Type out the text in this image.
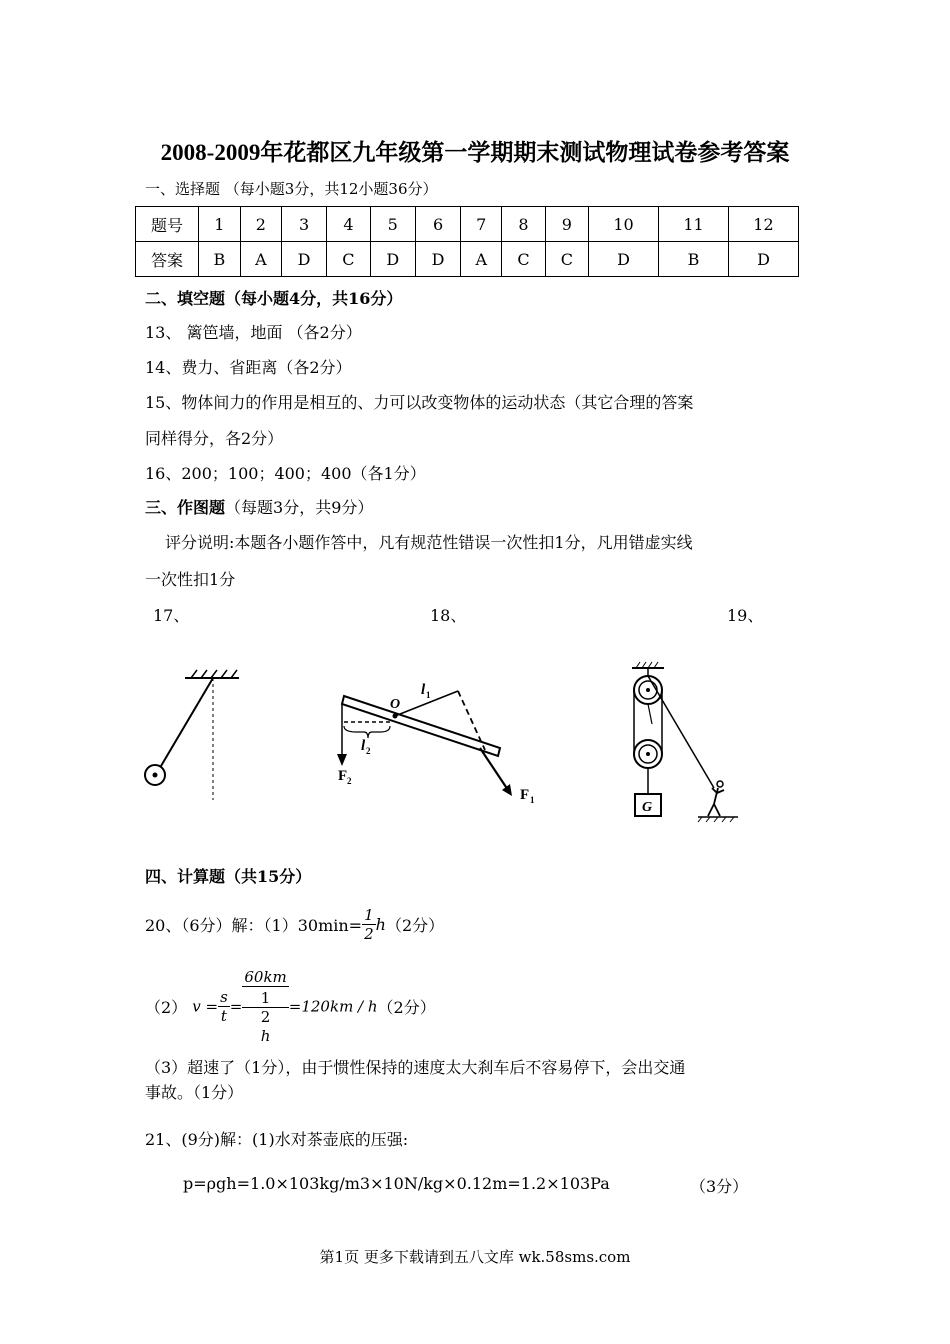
2008-2009年花都区九年级第一学期期末测试物理试卷参考答案
一、选择题 （每小题3分，共12小题36分）
题号	1	2	3	4	5	6	7	8	9	10	11	12
答案	B	A	D	C	D	D	A	C	C	D	B	D
二、填空题（每小题4分，共16分）
13、 篱笆墙，地面 （各2分）
14、费力、省距离（各2分）
15、物体间力的作用是相互的、力可以改变物体的运动状态（其它合理的答案
同样得分，各2分）
16、200；100；400；400（各1分）
三、作图题（每题3分，共9分）
评分说明:本题各小题作答中，凡有规范性错误一次性扣1分，凡用错虚实线
一次性扣1分
17、	18、	19、
O
l 1
l 2
F 2
F 1	G
四、计算题（共15分）
20、（6分）解：$(1)30\min= \frac{1}{2} h(2$分）
（2） $v = \frac{s}{t} = 60km$
1
2
h =120km / h（2分）
（3）超速了（1分），由于惯性保持的速度太大刹车后不容易停下，会出交通
事故。（1分）
21、(9分)解：(1)水对茶壶底的压强:
p=ρgh=1.0×103kg/m3×10N/kg×0.12m=1.2×103Pa	（3分）
第1页 更多下载请到五八文库 wk.58sms.com
